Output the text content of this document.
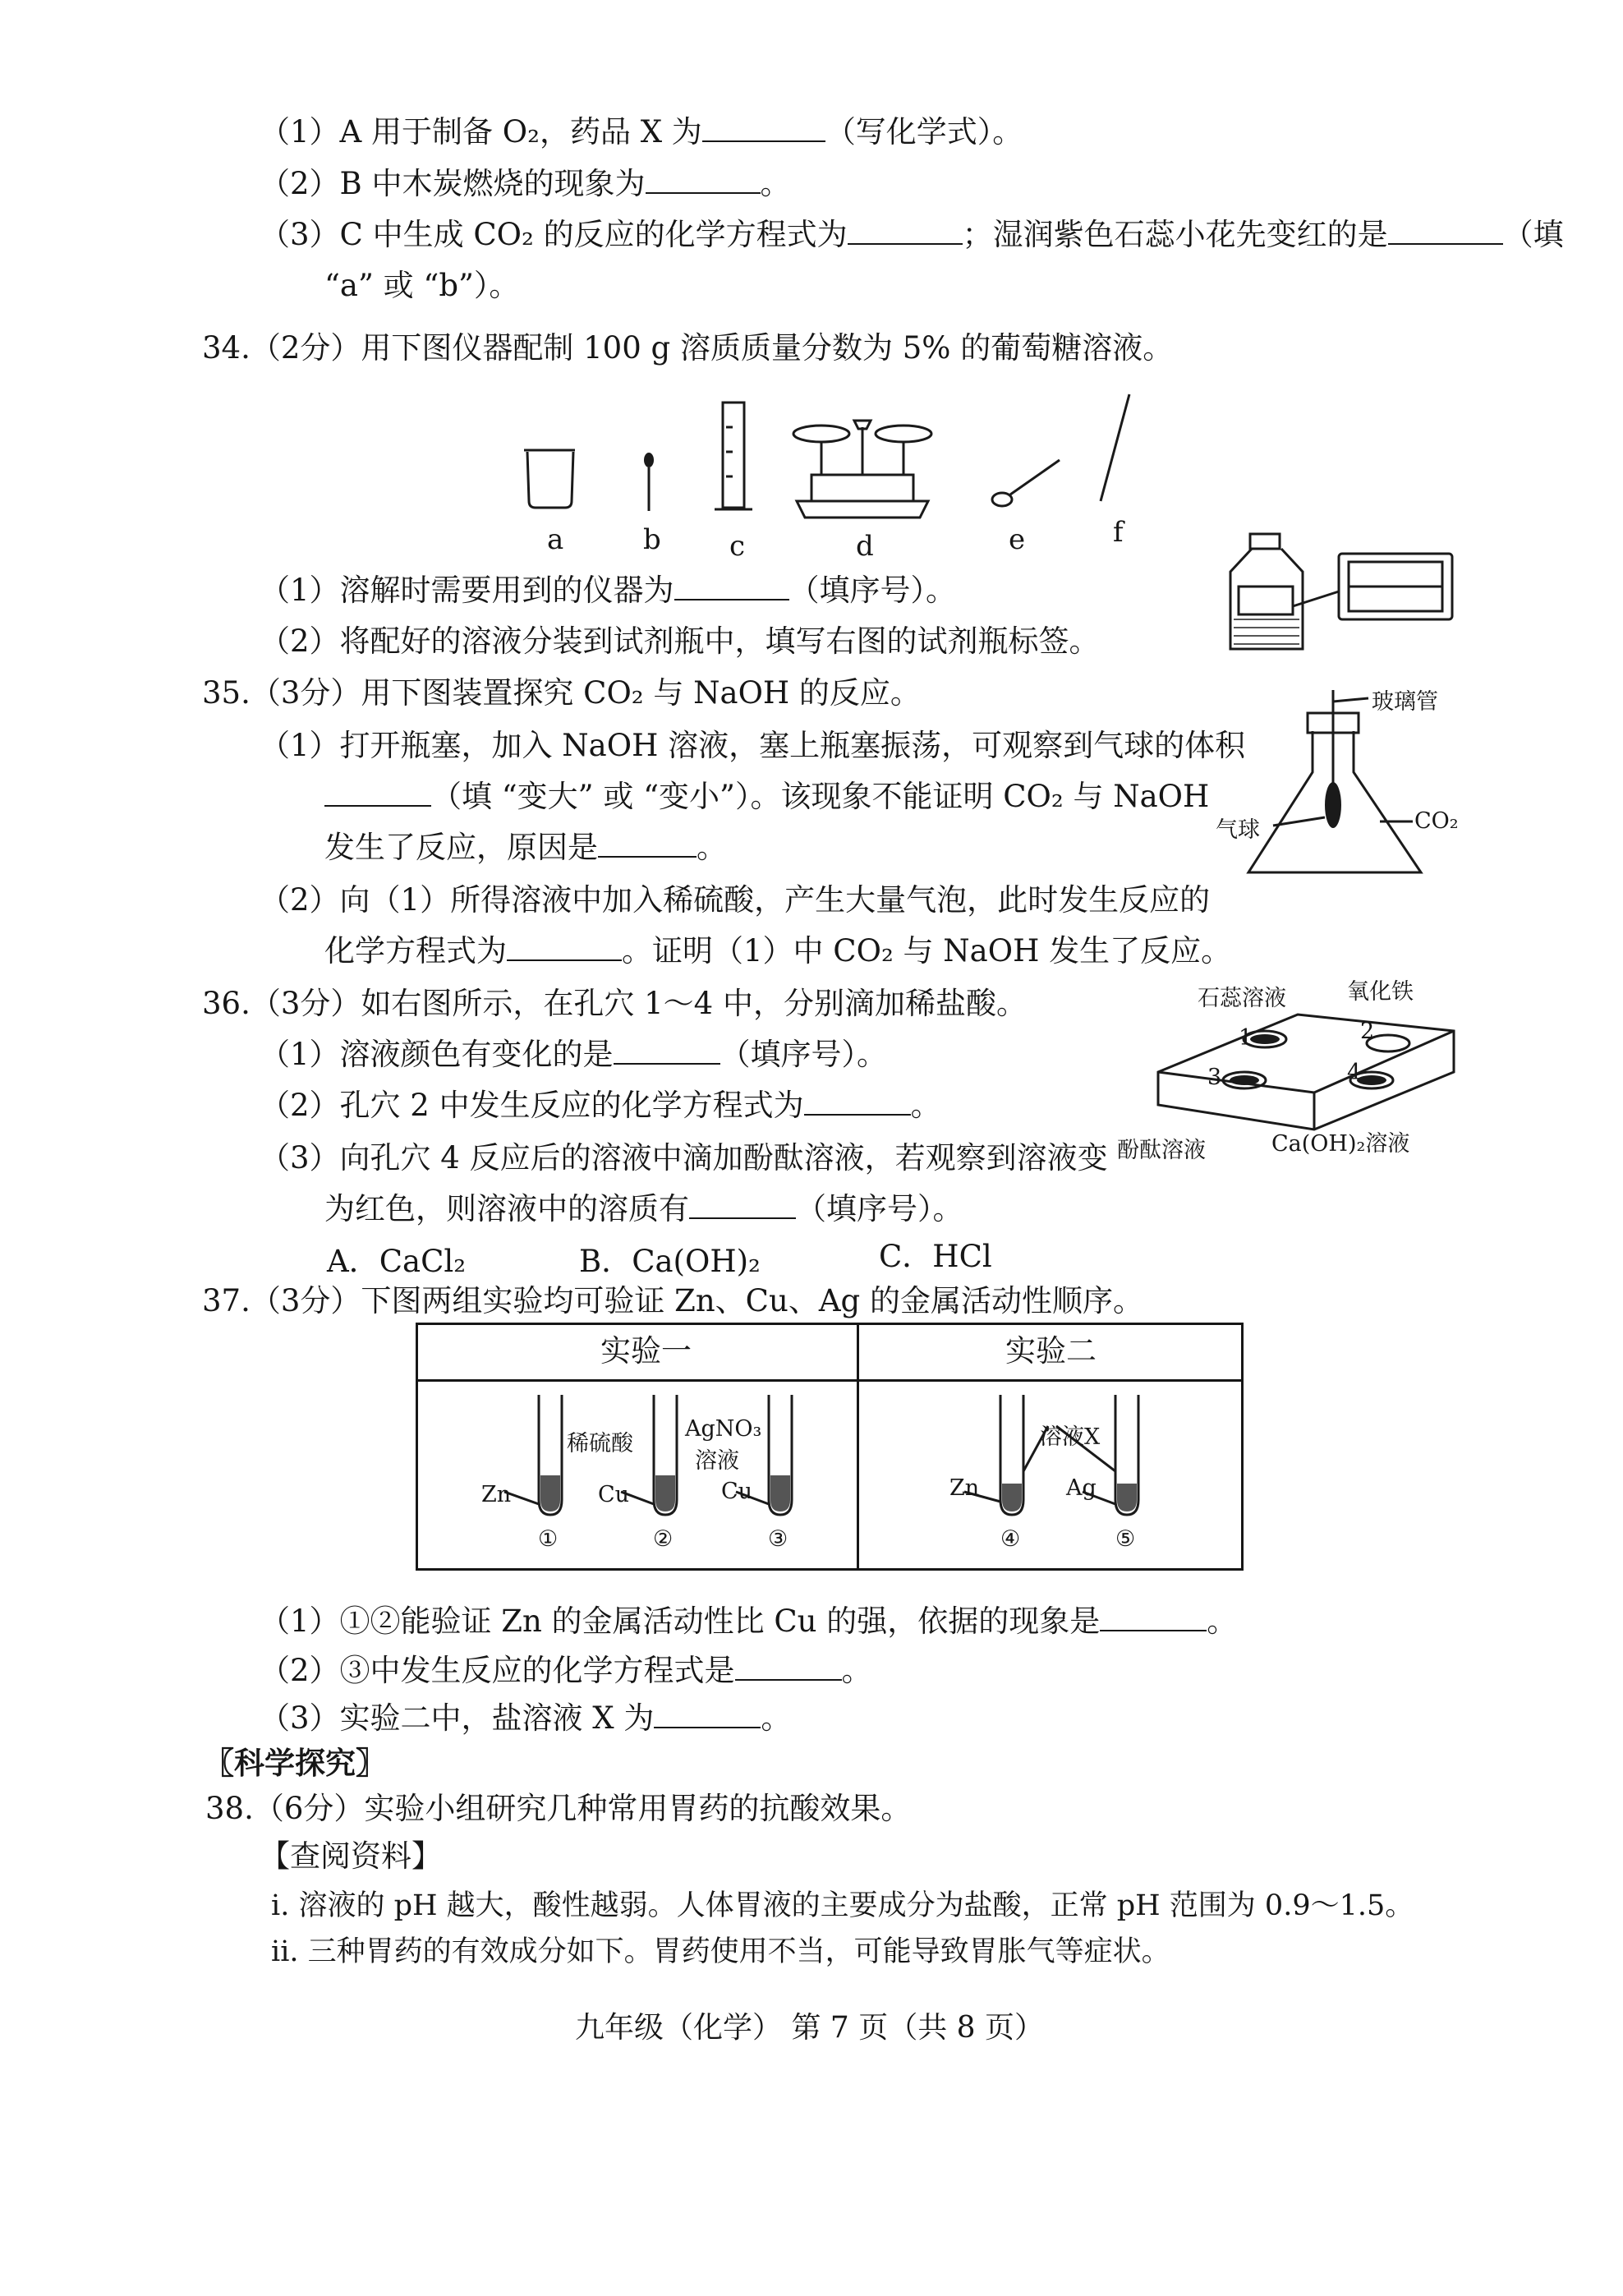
（1）A 用于制备 O₂，药品 X 为	（写化学式）。
（2）B 中木炭燃烧的现象为	。
（3）C 中生成 CO₂ 的反应的化学方程式为	；湿润紫色石蕊小花先变红的是	（填
“a” 或 “b”）。
34.（2分）用下图仪器配制 100 g 溶质质量分数为 5% 的葡萄糖溶液。
a	b c	d	e	f
（1）溶解时需要用到的仪器为	（填序号）。
（2）将配好的溶液分装到试剂瓶中，填写右图的试剂瓶标签。
35.（3分）用下图装置探究 CO₂ 与 NaOH 的反应。
（1）打开瓶塞，加入 NaOH 溶液，塞上瓶塞振荡，可观察到气球的体积
（填 “变大” 或 “变小”）。该现象不能证明 CO₂ 与 NaOH
发生了反应，原因是	。
（2）向（1）所得溶液中加入稀硫酸，产生大量气泡，此时发生反应的
化学方程式为	。证明（1）中 CO₂ 与 NaOH 发生了反应。
玻璃管
气球	CO₂
36.（3分）如右图所示，在孔穴 1～4 中，分别滴加稀盐酸。
（1）溶液颜色有变化的是	（填序号）。
（2）孔穴 2 中发生反应的化学方程式为	。
（3）向孔穴 4 反应后的溶液中滴加酚酞溶液，若观察到溶液变
为红色，则溶液中的溶质有	（填序号）。
A．CaCl₂	B．Ca(OH)₂	C．HCl
石蕊溶液	氧化铁
1	2
3	4
酚酞溶液	Ca(OH)₂溶液
37.（3分）下图两组实验均可验证 Zn、Cu、Ag 的金属活动性顺序。
实验一	实验二
稀硫酸
AgNO₃
溶液
溶液X
Zn	Cu	Cu	Zn	Ag
①	②	③	④	⑤
（1）①②能验证 Zn 的金属活动性比 Cu 的强，依据的现象是	。
（2）③中发生反应的化学方程式是	。
（3）实验二中，盐溶液 X 为	。
〖科学探究〗
38.（6分）实验小组研究几种常用胃药的抗酸效果。
【查阅资料】
i. 溶液的 pH 越大，酸性越弱。人体胃液的主要成分为盐酸，正常 pH 范围为 0.9～1.5。
ii. 三种胃药的有效成分如下。胃药使用不当，可能导致胃胀气等症状。
九年级（化学） 第 7 页（共 8 页）
